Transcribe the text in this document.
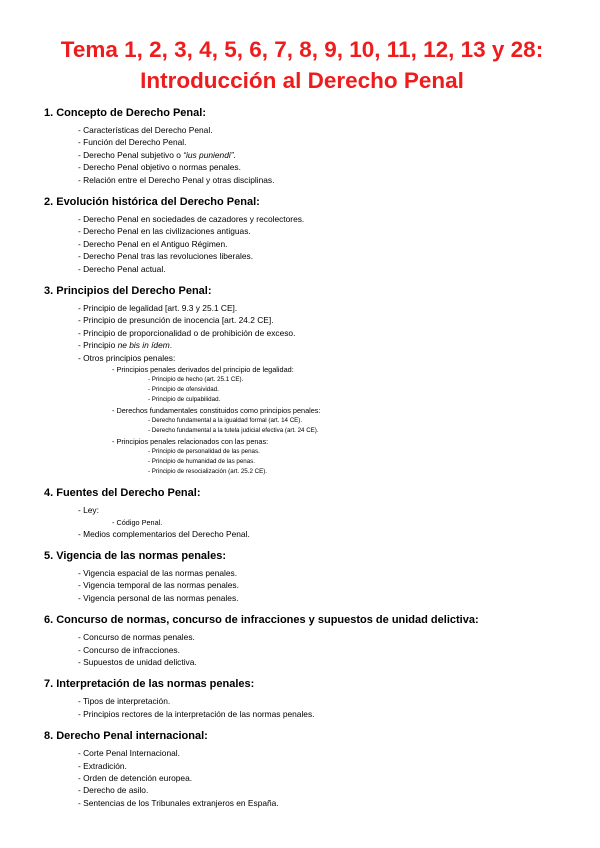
Tema 1, 2, 3, 4, 5, 6, 7, 8, 9, 10, 11, 12, 13 y 28:
Introducción al Derecho Penal
1. Concepto de Derecho Penal:
- Características del Derecho Penal.
- Función del Derecho Penal.
- Derecho Penal subjetivo o “ius puniendi”.
- Derecho Penal objetivo o normas penales.
- Relación entre el Derecho Penal y otras disciplinas.
2. Evolución histórica del Derecho Penal:
- Derecho Penal en sociedades de cazadores y recolectores.
- Derecho Penal en las civilizaciones antiguas.
- Derecho Penal en el Antiguo Régimen.
- Derecho Penal tras las revoluciones liberales.
- Derecho Penal actual.
3. Principios del Derecho Penal:
- Principio de legalidad [art. 9.3 y 25.1 CE].
- Principio de presunción de inocencia [art. 24.2 CE].
- Principio de proporcionalidad o de prohibición de exceso.
- Principio ne bis in ídem.
- Otros principios penales:
- Principios penales derivados del principio de legalidad:
- Principio de hecho (art. 25.1 CE).
- Principio de ofensividad.
- Principio de culpabilidad.
- Derechos fundamentales constituidos como principios penales:
- Derecho fundamental a la igualdad formal (art. 14 CE).
- Derecho fundamental a la tutela judicial efectiva (art. 24 CE).
- Principios penales relacionados con las penas:
- Principio de personalidad de las penas.
- Principio de humanidad de las penas.
- Principio de resocialización (art. 25.2 CE).
4. Fuentes del Derecho Penal:
- Ley:
- Código Penal.
- Medios complementarios del Derecho Penal.
5. Vigencia de las normas penales:
- Vigencia espacial de las normas penales.
- Vigencia temporal de las normas penales.
- Vigencia personal de las normas penales.
6. Concurso de normas, concurso de infracciones y supuestos de unidad delictiva:
- Concurso de normas penales.
- Concurso de infracciones.
- Supuestos de unidad delictiva.
7. Interpretación de las normas penales:
- Tipos de interpretación.
- Principios rectores de la interpretación de las normas penales.
8. Derecho Penal internacional:
- Corte Penal Internacional.
- Extradición.
- Orden de detención europea.
- Derecho de asilo.
- Sentencias de los Tribunales extranjeros en España.
